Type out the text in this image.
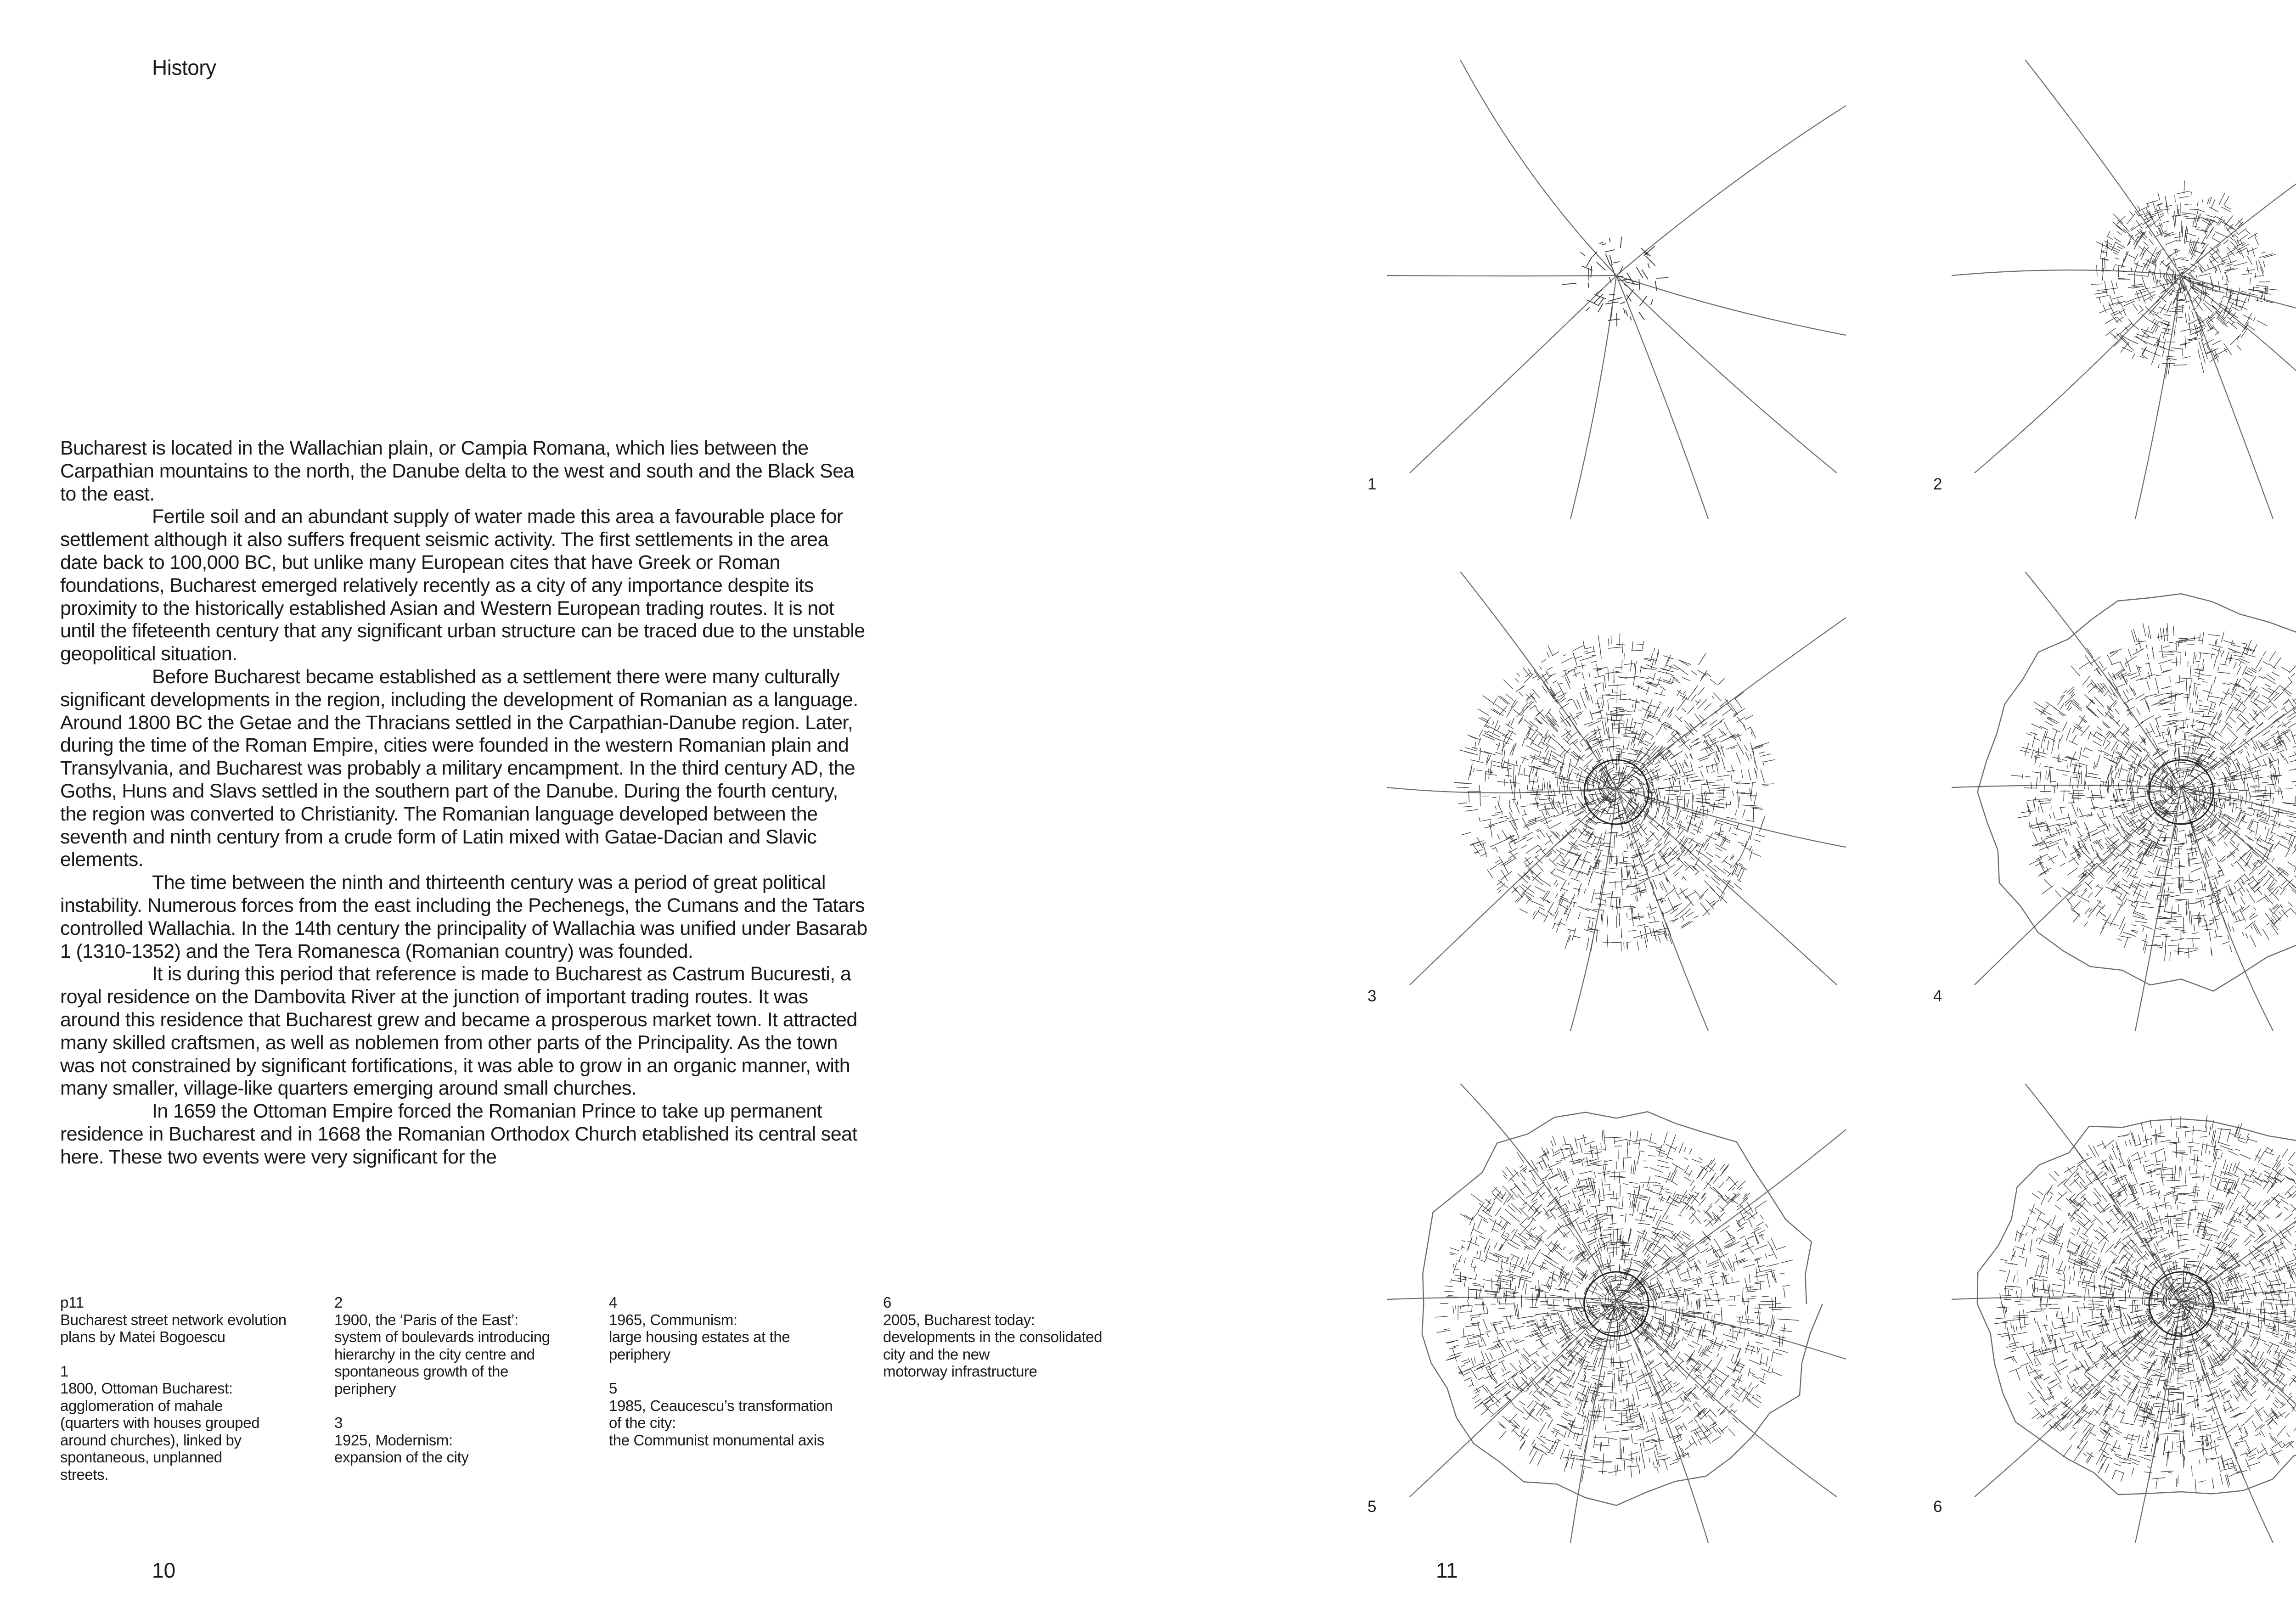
History

Bucharest is located in the Wallachian plain, or Campia Romana, which lies between the Carpathian mountains to the north, the Danube delta to the west and south and the Black Sea to the east.

Fertile soil and an abundant supply of water made this area a favourable place for settlement although it also suffers frequent seismic activity. The first settlements in the area date back to 100,000 BC, but unlike many European cites that have Greek or Roman foundations, Bucharest emerged relatively recently as a city of any importance despite its proximity to the historically established Asian and Western European trading routes. It is not until the fifeteenth century that any significant urban structure can be traced due to the unstable geopolitical situation.

Before Bucharest became established as a settlement there were many culturally significant developments in the region, including the development of Romanian as a language. Around 1800 BC the Getae and the Thracians settled in the Carpathian-Danube region. Later, during the time of the Roman Empire, cities were founded in the western Romanian plain and Transylvania, and Bucharest was probably a military encampment. In the third century AD, the Goths, Huns and Slavs settled in the southern part of the Danube. During the fourth century, the region was converted to Christianity. The Romanian language developed between the seventh and ninth century from a crude form of Latin mixed with Gatae-Dacian and Slavic elements.

The time between the ninth and thirteenth century was a period of great political instability. Numerous forces from the east including the Pechenegs, the Cumans and the Tatars controlled Wallachia. In the 14th century the principality of Wallachia was unified under Basarab 1 (1310-1352) and the Tera Romanesca (Romanian country) was founded.

It is during this period that reference is made to Bucharest as Castrum Bucuresti, a royal residence on the Dambovita River at the junction of important trading routes. It was around this residence that Bucharest grew and became a prosperous market town. It attracted many skilled craftsmen, as well as noblemen from other parts of the Principality. As the town was not constrained by significant fortifications, it was able to grow in an organic manner, with many smaller, village-like quarters emerging around small churches.

In 1659 the Ottoman Empire forced the Romanian Prince to take up permanent residence in Bucharest and in 1668 the Romanian Orthodox Church etablished its central seat here. These two events were very significant for the

p11
Bucharest street network evolution
plans by Matei Bogoescu
1
1800, Ottoman Bucharest:
agglomeration of mahale
(quarters with houses grouped
around churches), linked by
spontaneous, unplanned
streets.
2
1900, the ‘Paris of the East’:
system of boulevards introducing
hierarchy in the city centre and
spontaneous growth of the
periphery
3
1925, Modernism:
expansion of the city
4
1965, Communism:
large housing estates at the
periphery
5
1985, Ceaucescu’s transformation
of the city:
the Communist monumental axis
6
2005, Bucharest today:
developments in the consolidated
city and the new
motorway infrastructure
10	11
1	2
3	4
5	6
